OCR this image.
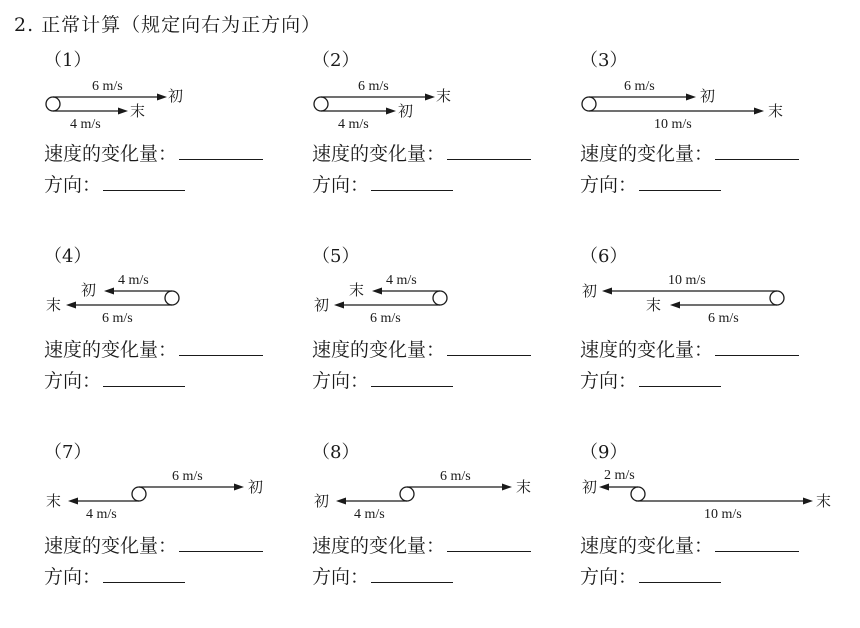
2. 正常计算（规定向右为正方向）
（1）
6 m/s
4 m/s
初
末
速度的变化量：
方向：
（2）
6 m/s
4 m/s
末
初
速度的变化量：
方向：
（3）
6 m/s
10 m/s
初
末
速度的变化量：
方向：
（4）
4 m/s
6 m/s
初
末
速度的变化量：
方向：
（5）
4 m/s
6 m/s
末
初
速度的变化量：
方向：
（6）
10 m/s
6 m/s
初
末
速度的变化量：
方向：
（7）
6 m/s
4 m/s
初
末
速度的变化量：
方向：
（8）
6 m/s
4 m/s
末
初
速度的变化量：
方向：
（9）
2 m/s
10 m/s
初
末
速度的变化量：
方向：
